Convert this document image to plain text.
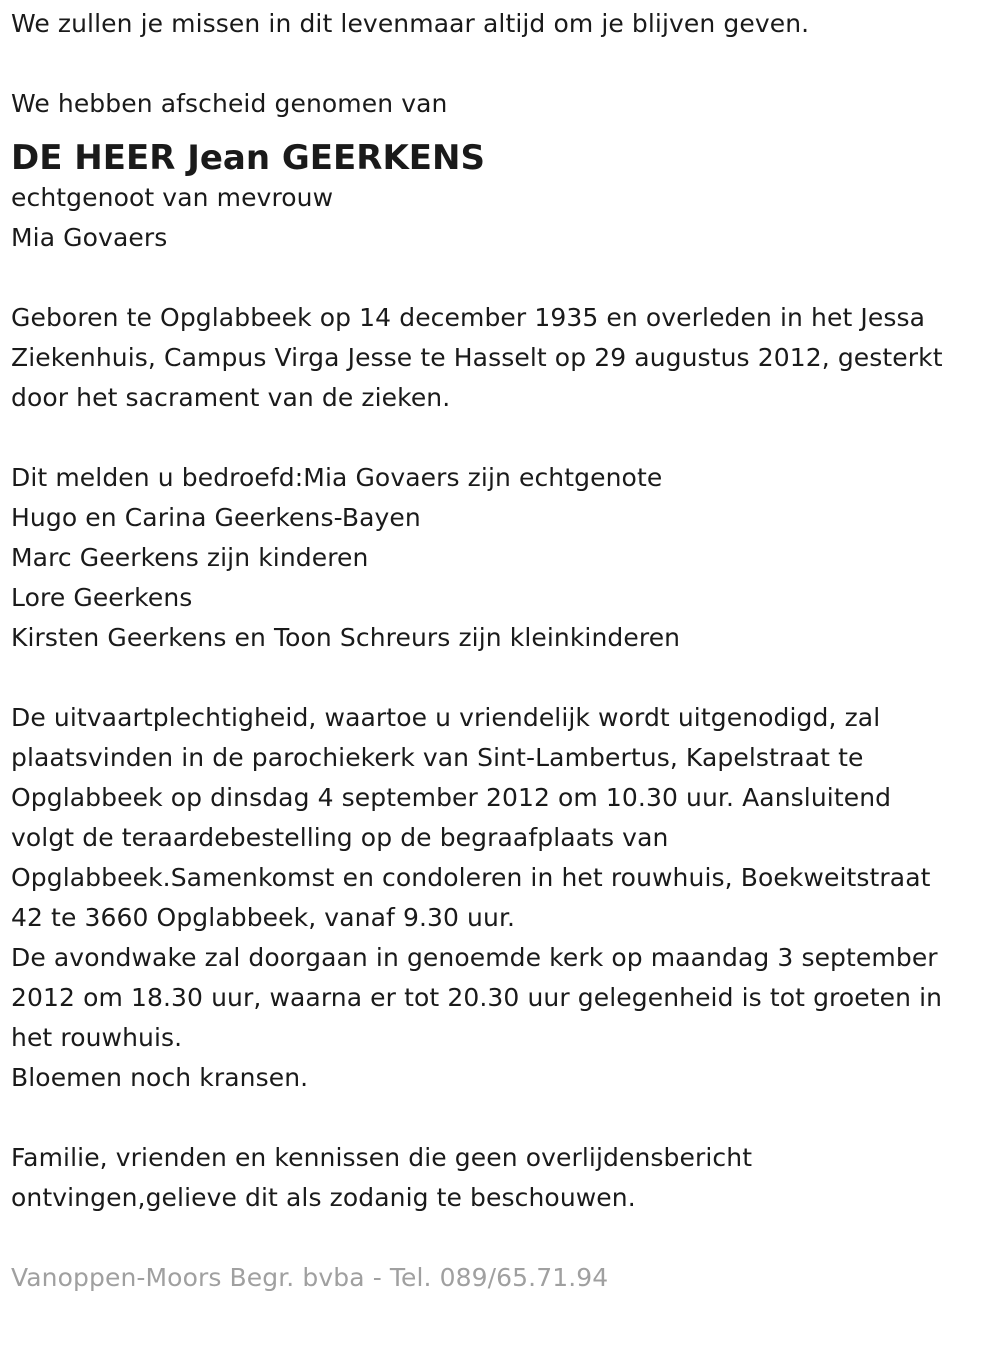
We zullen je missen in dit levenmaar altijd om je blijven geven.
We hebben afscheid genomen van
DE HEER Jean GEERKENS
echtgenoot van mevrouw
Mia Govaers
Geboren te Opglabbeek op 14 december 1935 en overleden in het Jessa
Ziekenhuis, Campus Virga Jesse te Hasselt op 29 augustus 2012, gesterkt
door het sacrament van de zieken.
Dit melden u bedroefd:Mia Govaers zijn echtgenote
Hugo en Carina Geerkens-Bayen
Marc Geerkens zijn kinderen
Lore Geerkens
Kirsten Geerkens en Toon Schreurs zijn kleinkinderen
De uitvaartplechtigheid, waartoe u vriendelijk wordt uitgenodigd, zal
plaatsvinden in de parochiekerk van Sint-Lambertus, Kapelstraat te
Opglabbeek op dinsdag 4 september 2012 om 10.30 uur. Aansluitend
volgt de teraardebestelling op de begraafplaats van
Opglabbeek.Samenkomst en condoleren in het rouwhuis, Boekweitstraat
42 te 3660 Opglabbeek, vanaf 9.30 uur.
De avondwake zal doorgaan in genoemde kerk op maandag 3 september
2012 om 18.30 uur, waarna er tot 20.30 uur gelegenheid is tot groeten in
het rouwhuis.
Bloemen noch kransen.
Familie, vrienden en kennissen die geen overlijdensbericht
ontvingen,gelieve dit als zodanig te beschouwen.
Vanoppen-Moors Begr. bvba - Tel. 089/65.71.94
